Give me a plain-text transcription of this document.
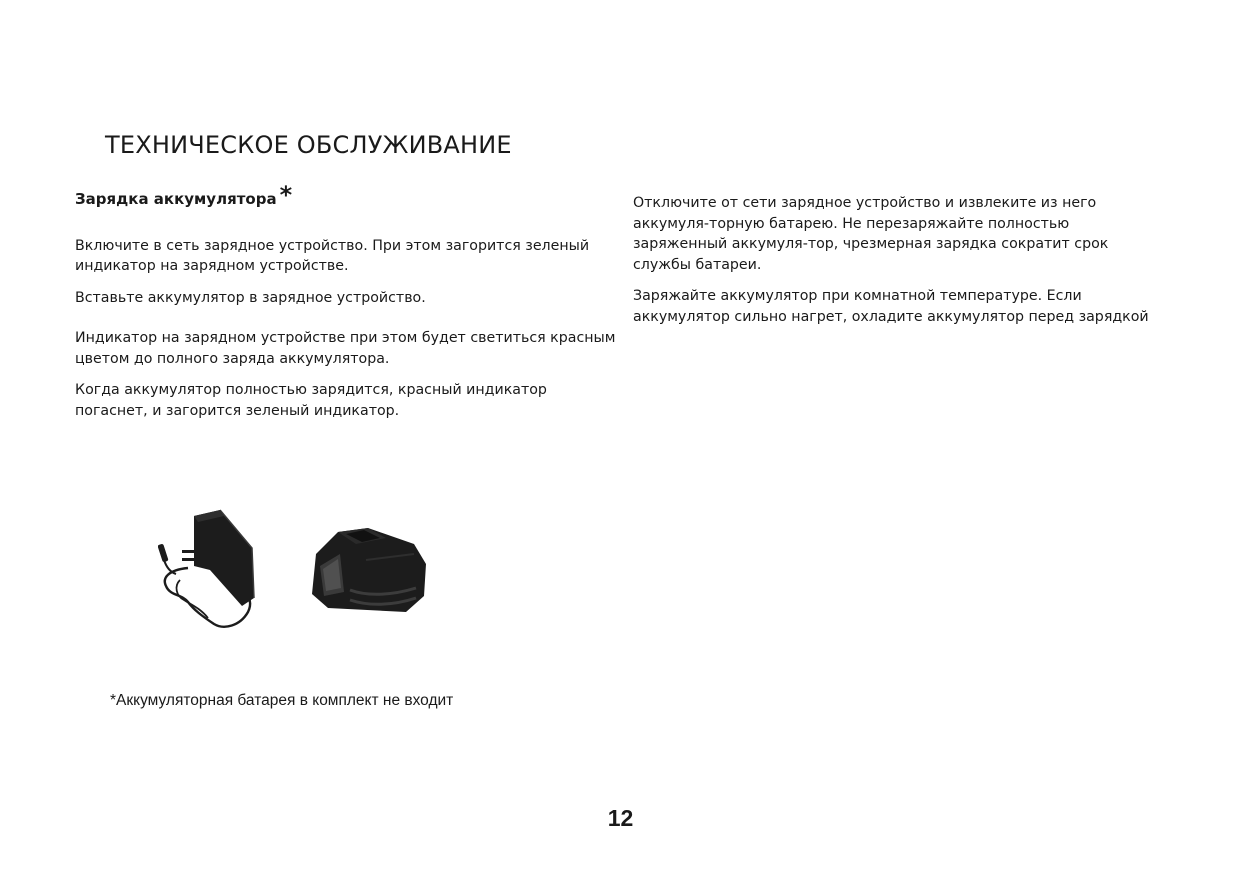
ТЕХНИЧЕСКОЕ ОБСЛУЖИВАНИЕ

Зарядка аккумулятора *

Включите в сеть зарядное устройство. При этом загорится зеленый индикатор на зарядном устройстве.

Вставьте аккумулятор в зарядное устройство.

Индикатор на зарядном устройстве при этом будет светиться красным цветом до полного заряда аккумулятора.

Когда аккумулятор полностью зарядится, красный индикатор погаснет, и загорится зеленый индикатор.

Отключите от сети зарядное устройство и извлеките из него аккумуля-торную батарею. Не перезаряжайте полностью заряженный аккумуля-тор, чрезмерная зарядка сократит срок службы батареи.

Заряжайте аккумулятор при комнатной температуре. Если аккумулятор сильно нагрет, охладите аккумулятор перед зарядкой

*Аккумуляторная батарея в комплект не входит
12
